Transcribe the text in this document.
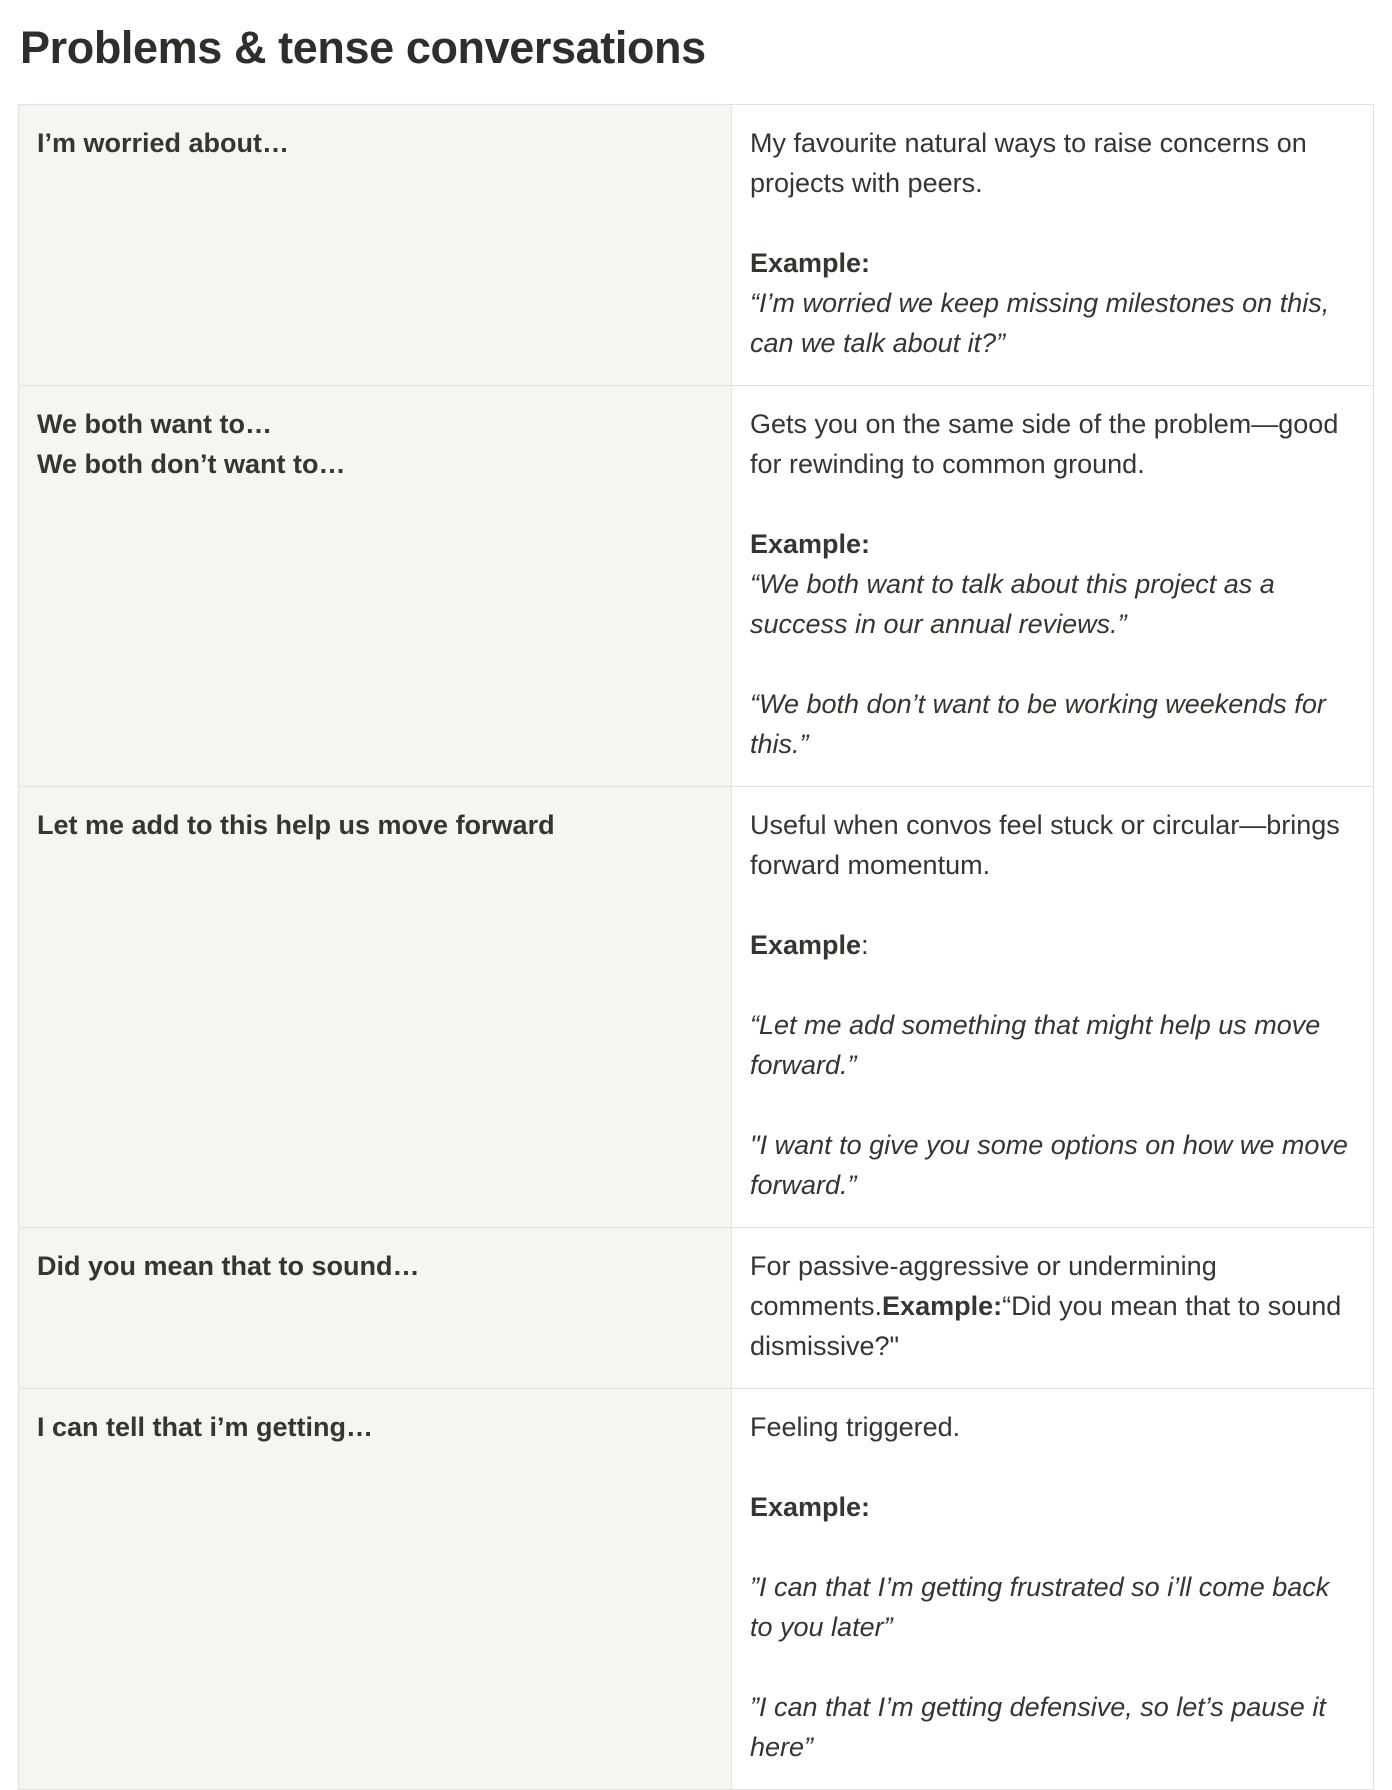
Problems & tense conversations
I’m worried about…	My favourite natural ways to raise concerns on projects with peers.
Example:
“I’m worried we keep missing milestones on this, can we talk about it?”

We both want to…
We both don’t want to…	Gets you on the same side of the problem—good for rewinding to common ground.
Example:
“We both want to talk about this project as a success in our annual reviews.”
“We both don’t want to be working weekends for this.”

Let me add to this help us move forward	Useful when convos feel stuck or circular—brings forward momentum.
Example:
“Let me add something that might help us move forward.”
"I want to give you some options on how we move forward.”

Did you mean that to sound…	For passive-aggressive or undermining comments.Example:“Did you mean that to sound dismissive?"

I can tell that i’m getting…	Feeling triggered.
Example:
”I can that I’m getting frustrated so i’ll come back to you later”
”I can that I’m getting defensive, so let’s pause it here”
